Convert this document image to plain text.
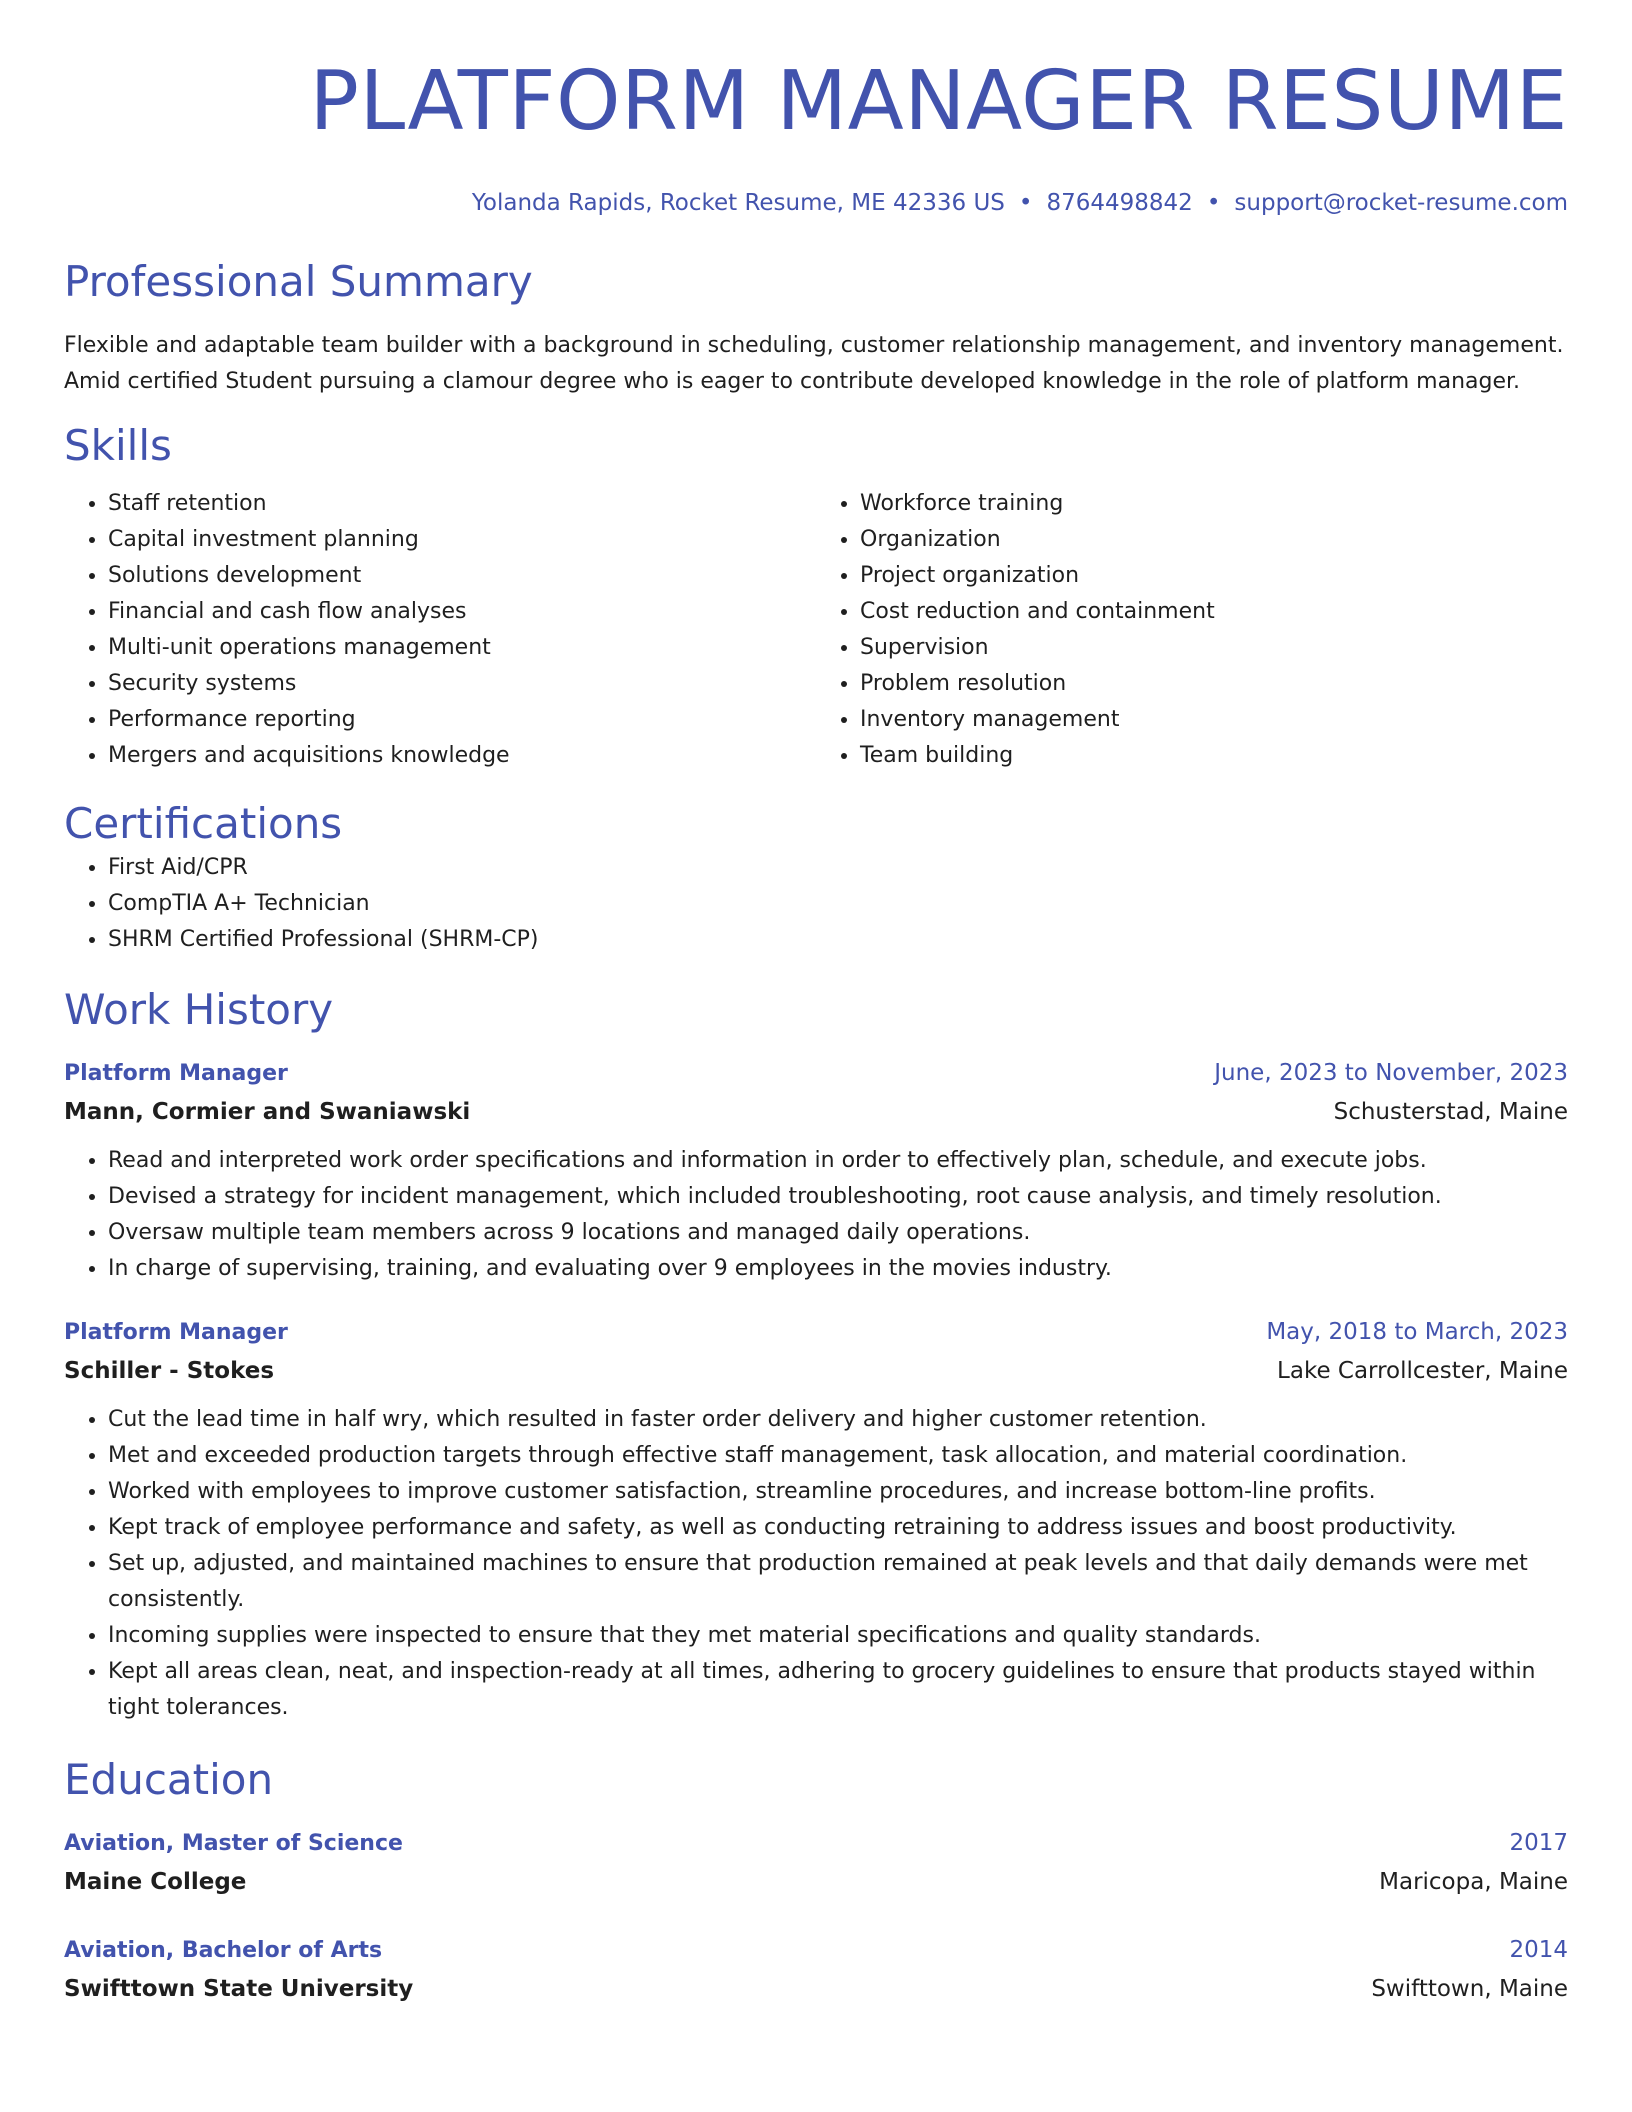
PLATFORM MANAGER RESUME
Yolanda Rapids, Rocket Resume, ME 42336 US • 8764498842 • support@rocket-resume.com
Professional Summary

Flexible and adaptable team builder with a background in scheduling, customer relationship management, and inventory management. Amid certified Student pursuing a clamour degree who is eager to contribute developed knowledge in the role of platform manager.

Skills
• Staff retention
• Capital investment planning
• Solutions development
• Financial and cash flow analyses
• Multi-unit operations management
• Security systems
• Performance reporting
• Mergers and acquisitions knowledge
• Workforce training
• Organization
• Project organization
• Cost reduction and containment
• Supervision
• Problem resolution
• Inventory management
• Team building
Certifications
• First Aid/CPR
• CompTIA A+ Technician
• SHRM Certified Professional (SHRM-CP)
Work History
Platform Manager	June, 2023 to November, 2023
Mann, Cormier and Swaniawski	Schusterstad, Maine
• Read and interpreted work order specifications and information in order to effectively plan, schedule, and execute jobs.
• Devised a strategy for incident management, which included troubleshooting, root cause analysis, and timely resolution.
• Oversaw multiple team members across 9 locations and managed daily operations.
• In charge of supervising, training, and evaluating over 9 employees in the movies industry.
Platform Manager	May, 2018 to March, 2023
Schiller - Stokes	Lake Carrollcester, Maine
• Cut the lead time in half wry, which resulted in faster order delivery and higher customer retention.
• Met and exceeded production targets through effective staff management, task allocation, and material coordination.
• Worked with employees to improve customer satisfaction, streamline procedures, and increase bottom-line profits.
• Kept track of employee performance and safety, as well as conducting retraining to address issues and boost productivity.
• Set up, adjusted, and maintained machines to ensure that production remained at peak levels and that daily demands were met consistently.
• Incoming supplies were inspected to ensure that they met material specifications and quality standards.
• Kept all areas clean, neat, and inspection-ready at all times, adhering to grocery guidelines to ensure that products stayed within tight tolerances.
Education
Aviation, Master of Science	2017
Maine College	Maricopa, Maine
Aviation, Bachelor of Arts	2014
Swifttown State University	Swifttown, Maine
